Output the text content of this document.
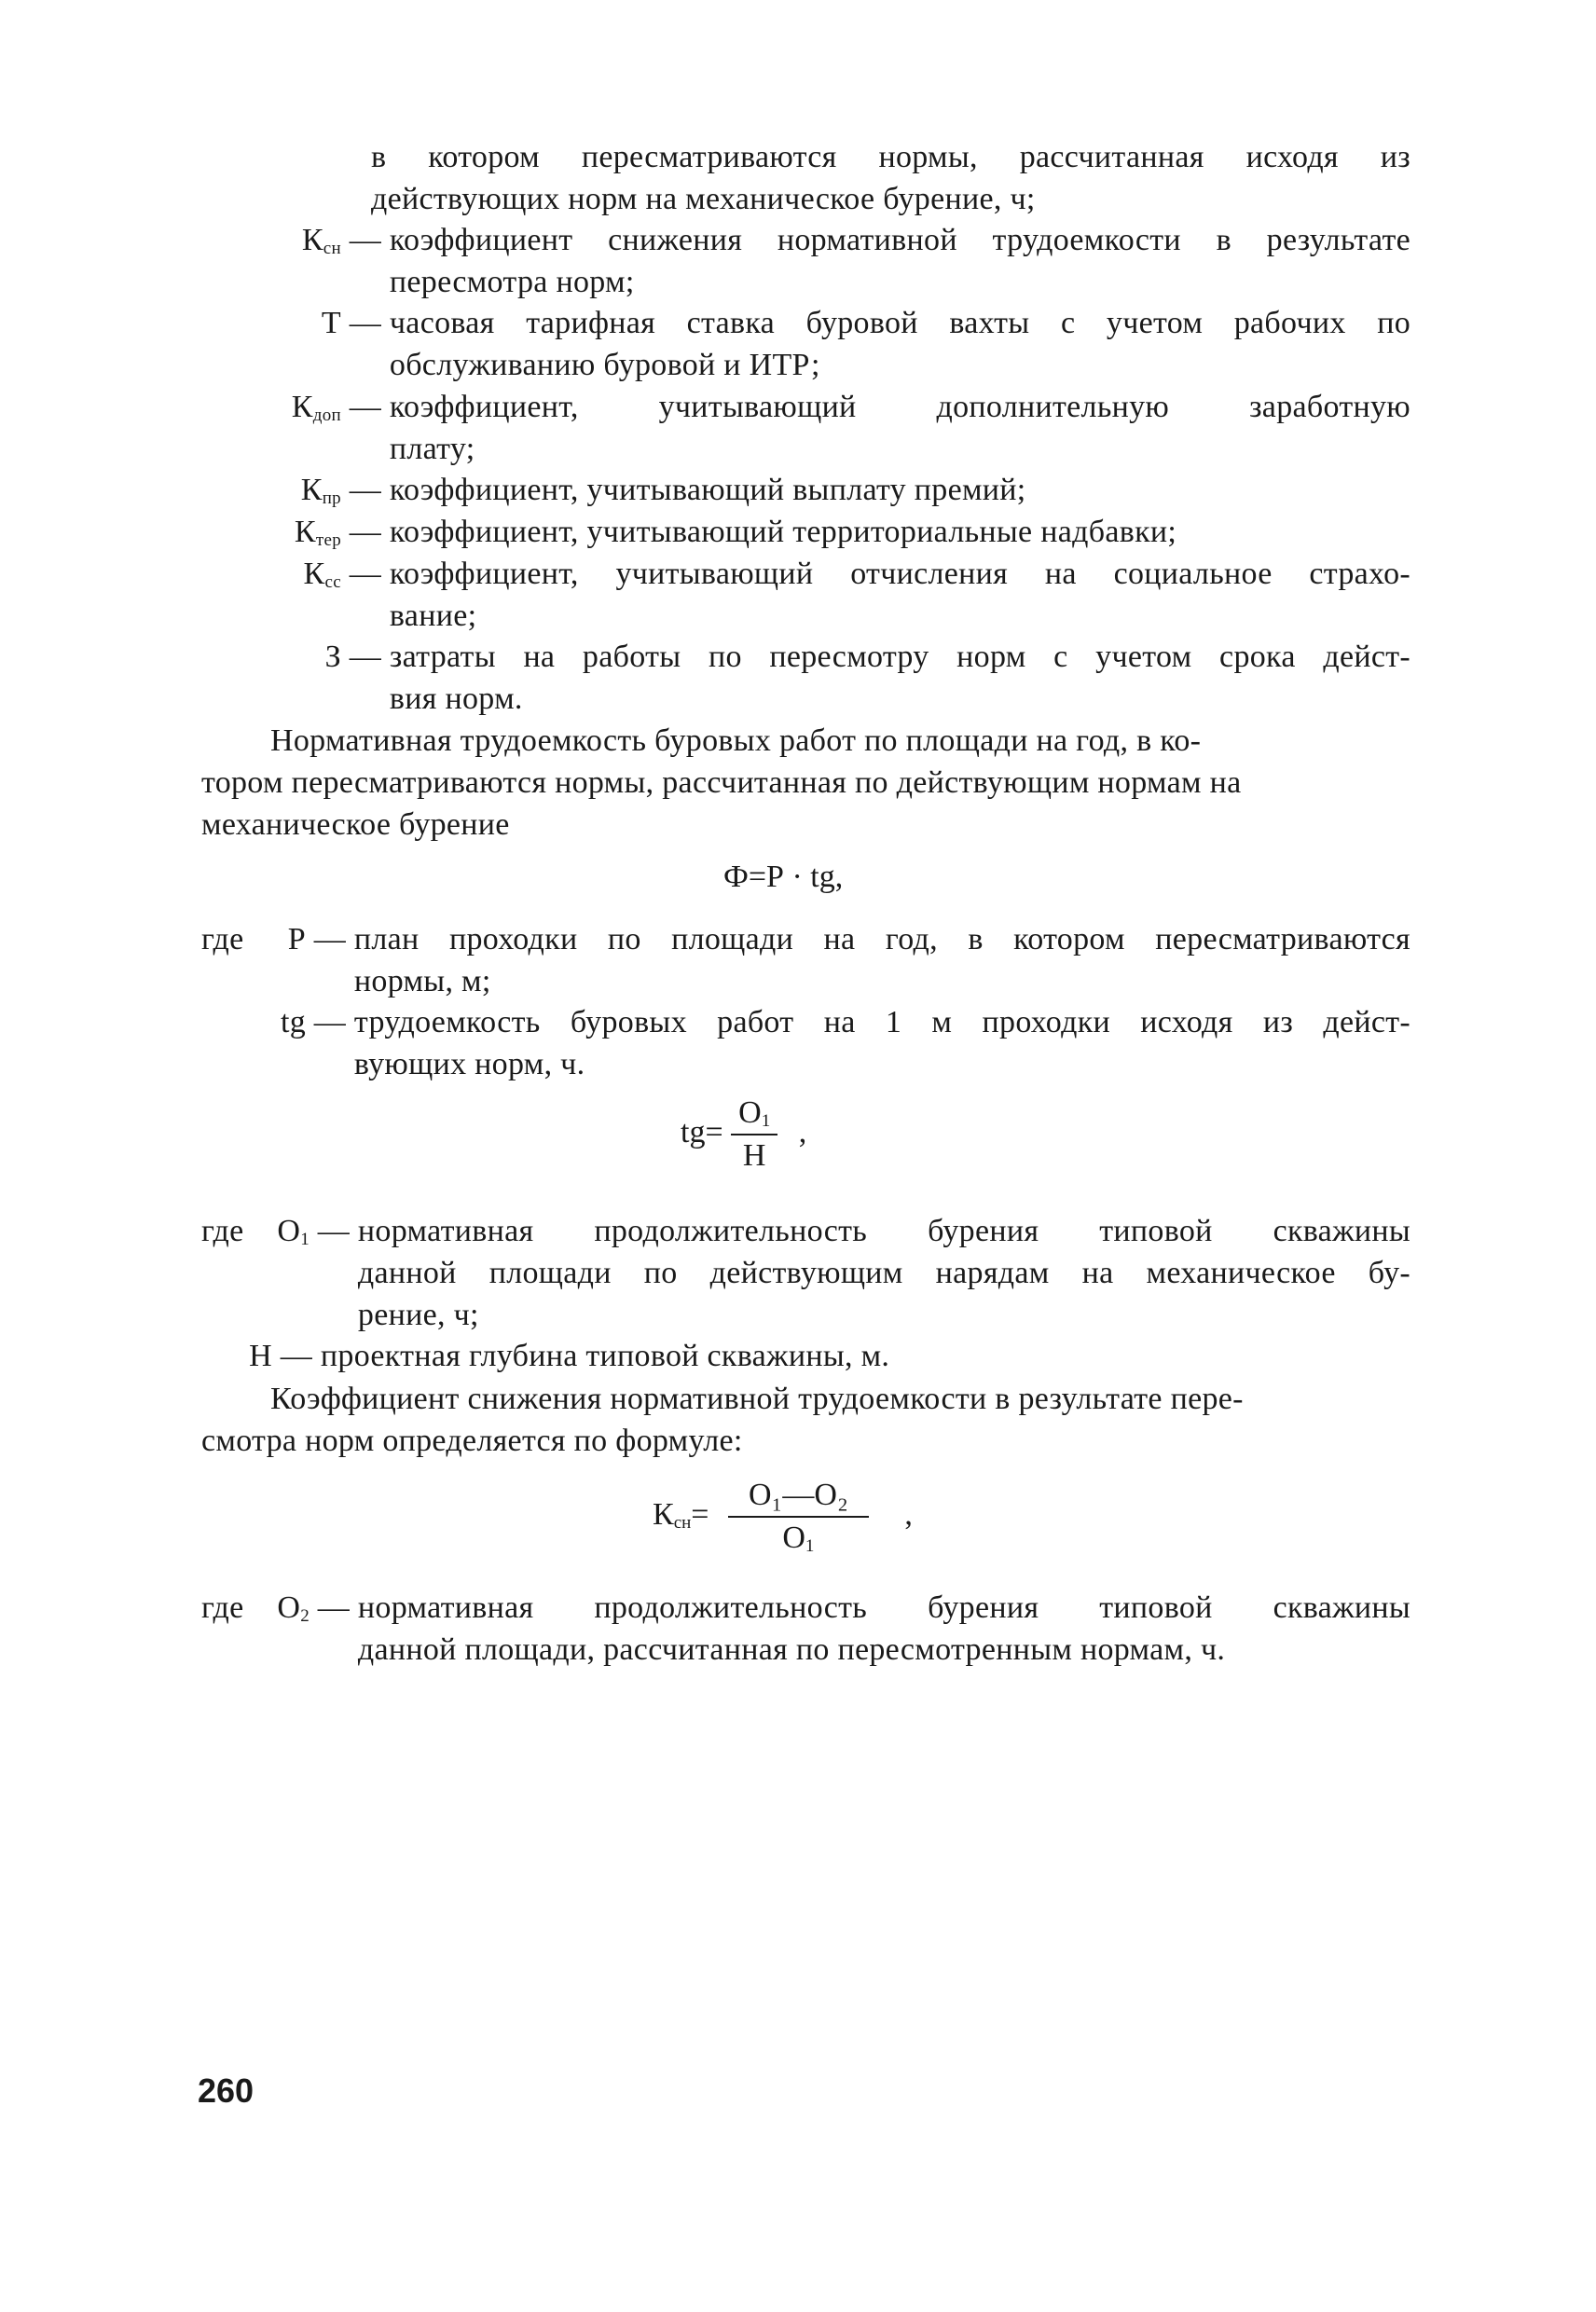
в котором пересматриваются нормы, рассчитанная исходя из
действующих норм на механическое бурение, ч;
$К_{сн}$ — коэффициент снижения нормативной трудоемкости в результате
пересмотра норм;
Т — часовая тарифная ставка буровой вахты с учетом рабочих по
обслуживанию буровой и ИТР;
$К_{доп}$ — коэффициент, учитывающий дополнительную заработную
плату;
$К_{пр}$ — коэффициент, учитывающий выплату премий;
$К_{тер}$ — коэффициент, учитывающий территориальные надбавки;
$К_{сс}$ — коэффициент, учитывающий отчисления на социальное страхо-
вание;
З — затраты на работы по пересмотру норм с учетом срока дейст-
вия норм.
Нормативная трудоемкость буровых работ по площади на год, в ко-
тором пересматриваются нормы, рассчитанная по действующим нормам на
механическое бурение
Ф=Р · tg,
где	Р — план проходки по площади на год, в котором пересматриваются
нормы, м;
tg — трудоемкость буровых работ на 1 м проходки исходя из дейст-
вующих норм, ч.
$tg= \frac{O_1}{Н}$ ,
где	$O_1$ — нормативная продолжительность бурения типовой скважины
данной площади по действующим нарядам на механическое бу-
рение, ч;
Н — проектная глубина типовой скважины, м.
Коэффициент снижения нормативной трудоемкости в результате пере-
смотра норм определяется по формуле:
$К_{сн}= \frac{\text{O₁—O₂}}{O_1}$ ,
где	$O_2$ — нормативная продолжительность бурения типовой скважины
данной площади, рассчитанная по пересмотренным нормам, ч.
260
